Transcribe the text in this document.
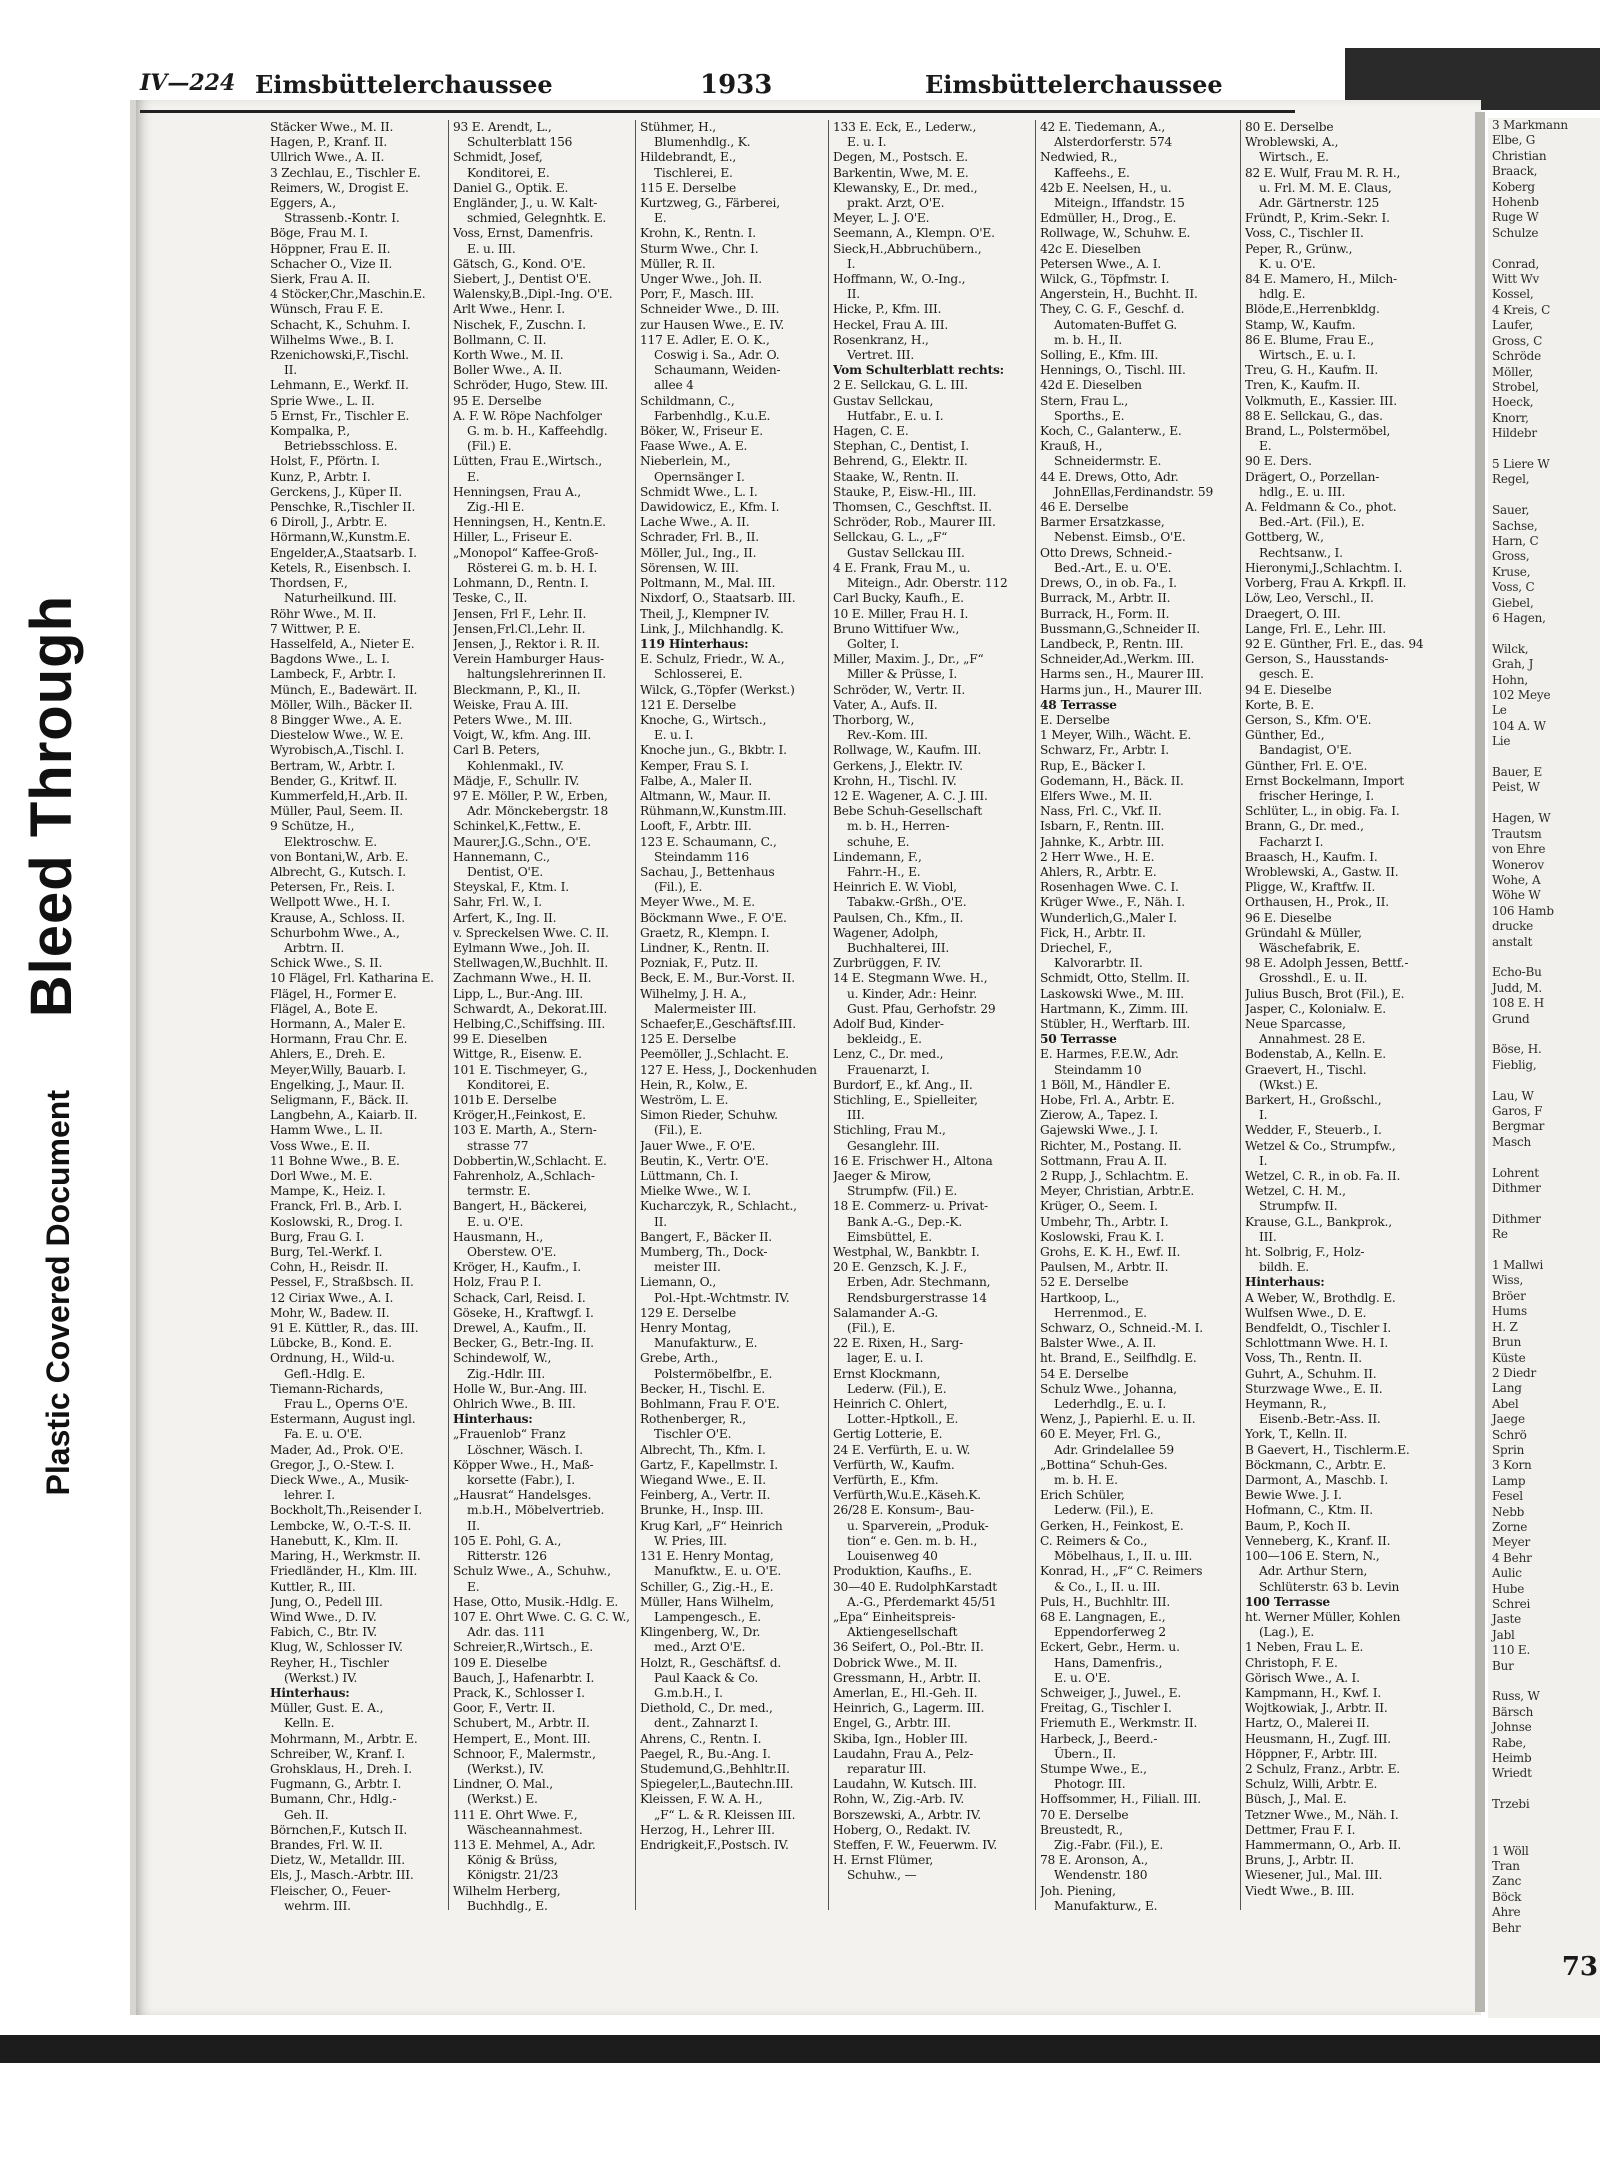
Bleed Through
Plastic Covered Document
3 Markmann
Elbe, G
Christian
Braack,
Koberg
Hohenb
Ruge W
Schulze

Conrad,
Witt Wv
Kossel,
4 Kreis, C
Laufer,
Gross, C
Schröde
Möller,
Strobel,
Hoeck,
Knorr,
Hildebr

5 Liere W
Regel,

Sauer,
Sachse,
Harn, C
Gross,
Kruse,
Voss, C
Giebel,
6 Hagen,

Wilck,
Grah, J
Hohn,
102 Meye
Le
104 A. W
Lie

Bauer, E
Peist, W

Hagen, W
Trautsm
von Ehre
Wonerov
Wohe, A
Wöhe W
106 Hamb
drucke
anstalt

Echo-Bu
Judd, M.
108 E. H
Grund

Böse, H.
Fieblig,

Lau, W
Garos, F
Bergmar
Masch

Lohrent
Dithmer

Dithmer
Re

1 Mallwi
Wiss,
Bröer
Hums
H. Z
Brun
Küste
2 Diedr
Lang
Abel
Jaege
Schrö
Sprin
3 Korn
Lamp
Fesel
Nebb
Zorne
Meyer
4 Behr
Aulic
Hube
Schrei
Jaste
Jabl
110 E.
Bur

Russ, W
Bärsch
Johnse
Rabe,
Heimb
Wriedt

Trzebi

1 Wöll
Tran
Zanc
Böck
Ahre
Behr
73
IV—224 Eimsbüttelerchaussee	1933	Eimsbüttelerchaussee
Stäcker Wwe., M. II.
Hagen, P., Kranf. II.
Ullrich Wwe., A. II.
3 Zechlau, E., Tischler E.
Reimers, W., Drogist E.
Eggers, A.,
Strassenb.-Kontr. I.
Böge, Frau M. I.
Höppner, Frau E. II.
Schacher O., Vize II.
Sierk, Frau A. II.
4 Stöcker,Chr.,Maschin.E.
Wünsch, Frau F. E.
Schacht, K., Schuhm. I.
Wilhelms Wwe., B. I.
Rzenichowski,F.,Tischl.
II.
Lehmann, E., Werkf. II.
Sprie Wwe., L. II.
5 Ernst, Fr., Tischler E.
Kompalka, P.,
Betriebsschloss. E.
Holst, F., Pförtn. I.
Kunz, P., Arbtr. I.
Gerckens, J., Küper II.
Penschke, R.,Tischler II.
6 Diroll, J., Arbtr. E.
Hörmann,W.,Kunstm.E.
Engelder,A.,Staatsarb. I.
Ketels, R., Eisenbsch. I.
Thordsen, F.,
Naturheilkund. III.
Röhr Wwe., M. II.
7 Wittwer, P. E.
Hasselfeld, A., Nieter E.
Bagdons Wwe., L. I.
Lambeck, F., Arbtr. I.
Münch, E., Badewärt. II.
Möller, Wilh., Bäcker II.
8 Bingger Wwe., A. E.
Diestelow Wwe., W. E.
Wyrobisch,A.,Tischl. I.
Bertram, W., Arbtr. I.
Bender, G., Kritwf. II.
Kummerfeld,H.,Arb. II.
Müller, Paul, Seem. II.
9 Schütze, H.,
Elektroschw. E.
von Bontani,W., Arb. E.
Albrecht, G., Kutsch. I.
Petersen, Fr., Reis. I.
Wellpott Wwe., H. I.
Krause, A., Schloss. II.
Schurbohm Wwe., A.,
Arbtrn. II.
Schick Wwe., S. II.
10 Flägel, Frl. Katharina E.
Flägel, H., Former E.
Flägel, A., Bote E.
Hormann, A., Maler E.
Hormann, Frau Chr. E.
Ahlers, E., Dreh. E.
Meyer,Willy, Bauarb. I.
Engelking, J., Maur. II.
Seligmann, F., Bäck. II.
Langbehn, A., Kaiarb. II.
Hamm Wwe., L. II.
Voss Wwe., E. II.
11 Bohne Wwe., B. E.
Dorl Wwe., M. E.
Mampe, K., Heiz. I.
Franck, Frl. B., Arb. I.
Koslowski, R., Drog. I.
Burg, Frau G. I.
Burg, Tel.-Werkf. I.
Cohn, H., Reisdr. II.
Pessel, F., Straßbsch. II.
12 Ciriax Wwe., A. I.
Mohr, W., Badew. II.
91 E. Küttler, R., das. III.
Lübcke, B., Kond. E.
Ordnung, H., Wild-u.
Gefl.-Hdlg. E.
Tiemann-Richards,
Frau L., Operns O'E.
Estermann, August ingl.
Fa. E. u. O'E.
Mader, Ad., Prok. O'E.
Gregor, J., O.-Stew. I.
Dieck Wwe., A., Musik-
lehrer. I.
Bockholt,Th.,Reisender I.
Lembcke, W., O.-T.-S. II.
Hanebutt, K., Klm. II.
Maring, H., Werkmstr. II.
Friedländer, H., Klm. III.
Kuttler, R., III.
Jung, O., Pedell III.
Wind Wwe., D. IV.
Fabich, C., Btr. IV.
Klug, W., Schlosser IV.
Reyher, H., Tischler
(Werkst.) IV.
Hinterhaus:
Müller, Gust. E. A.,
Kelln. E.
Mohrmann, M., Arbtr. E.
Schreiber, W., Kranf. I.
Grohsklaus, H., Dreh. I.
Fugmann, G., Arbtr. I.
Bumann, Chr., Hdlg.-
Geh. II.
Börnchen,F., Kutsch II.
Brandes, Frl. W. II.
Dietz, W., Metalldr. III.
Els, J., Masch.-Arbtr. III.
Fleischer, O., Feuer-
wehrm. III.
93 E. Arendt, L.,
Schulterblatt 156
Schmidt, Josef,
Konditorei, E.
Daniel G., Optik. E.
Engländer, J., u. W. Kalt-
schmied, Gelegnhtk. E.
Voss, Ernst, Damenfris.
E. u. III.
Gätsch, G., Kond. O'E.
Siebert, J., Dentist O'E.
Walensky,B.,Dipl.-Ing. O'E.
Arlt Wwe., Henr. I.
Nischek, F., Zuschn. I.
Bollmann, C. II.
Korth Wwe., M. II.
Boller Wwe., A. II.
Schröder, Hugo, Stew. III.
95 E. Derselbe
A. F. W. Röpe Nachfolger
G. m. b. H., Kaffeehdlg.
(Fil.) E.
Lütten, Frau E.,Wirtsch.,
E.
Henningsen, Frau A.,
Zig.-Hl E.
Henningsen, H., Kentn.E.
Hiller, L., Friseur E.
„Monopol“ Kaffee-Groß-
Rösterei G. m. b. H. I.
Lohmann, D., Rentn. I.
Teske, C., II.
Jensen, Frl F., Lehr. II.
Jensen,Frl.Cl.,Lehr. II.
Jensen, J., Rektor i. R. II.
Verein Hamburger Haus-
haltungslehrerinnen II.
Bleckmann, P., Kl., II.
Weiske, Frau A. III.
Peters Wwe., M. III.
Voigt, W., kfm. Ang. III.
Carl B. Peters,
Kohlenmakl., IV.
Mädje, F., Schullr. IV.
97 E. Möller, P. W., Erben,
Adr. Mönckebergstr. 18
Schinkel,K.,Fettw., E.
Maurer,J.G.,Schn., O'E.
Hannemann, C.,
Dentist, O'E.
Steyskal, F., Ktm. I.
Sahr, Frl. W., I.
Arfert, K., Ing. II.
v. Spreckelsen Wwe. C. II.
Eylmann Wwe., Joh. II.
Stellwagen,W.,Buchhlt. II.
Zachmann Wwe., H. II.
Lipp, L., Bur.-Ang. III.
Schwardt, A., Dekorat.III.
Helbing,C.,Schiffsing. III.
99 E. Dieselben
Wittge, R., Eisenw. E.
101 E. Tischmeyer, G.,
Konditorei, E.
101b E. Derselbe
Kröger,H.,Feinkost, E.
103 E. Marth, A., Stern-
strasse 77
Dobbertin,W.,Schlacht. E.
Fahrenholz, A.,Schlach-
termstr. E.
Bangert, H., Bäckerei,
E. u. O'E.
Hausmann, H.,
Oberstew. O'E.
Kröger, H., Kaufm., I.
Holz, Frau P. I.
Schack, Carl, Reisd. I.
Göseke, H., Kraftwgf. I.
Drewel, A., Kaufm., II.
Becker, G., Betr.-Ing. II.
Schindewolf, W.,
Zig.-Hdlr. III.
Holle W., Bur.-Ang. III.
Ohlrich Wwe., B. III.
Hinterhaus:
„Frauenlob“ Franz
Löschner, Wäsch. I.
Köpper Wwe., H., Maß-
korsette (Fabr.), I.
„Hausrat“ Handelsges.
m.b.H., Möbelvertrieb.
II.
105 E. Pohl, G. A.,
Ritterstr. 126
Schulz Wwe., A., Schuhw.,
E.
Hase, Otto, Musik.-Hdlg. E.
107 E. Ohrt Wwe. C. G. C. W.,
Adr. das. 111
Schreier,R.,Wirtsch., E.
109 E. Dieselbe
Bauch, J., Hafenarbtr. I.
Prack, K., Schlosser I.
Goor, F., Vertr. II.
Schubert, M., Arbtr. II.
Hempert, E., Mont. III.
Schnoor, F., Malermstr.,
(Werkst.), IV.
Lindner, O. Mal.,
(Werkst.) E.
111 E. Ohrt Wwe. F.,
Wäscheannahmest.
113 E. Mehmel, A., Adr.
König & Brüss,
Königstr. 21/23
Wilhelm Herberg,
Buchhdlg., E.
Stühmer, H.,
Blumenhdlg., K.
Hildebrandt, E.,
Tischlerei, E.
115 E. Derselbe
Kurtzweg, G., Färberei,
E.
Krohn, K., Rentn. I.
Sturm Wwe., Chr. I.
Müller, R. II.
Unger Wwe., Joh. II.
Porr, F., Masch. III.
Schneider Wwe., D. III.
zur Hausen Wwe., E. IV.
117 E. Adler, E. O. K.,
Coswig i. Sa., Adr. O.
Schaumann, Weiden-
allee 4
Schildmann, C.,
Farbenhdlg., K.u.E.
Böker, W., Friseur E.
Faase Wwe., A. E.
Nieberlein, M.,
Opernsänger I.
Schmidt Wwe., L. I.
Dawidowicz, E., Kfm. I.
Lache Wwe., A. II.
Schrader, Frl. B., II.
Möller, Jul., Ing., II.
Sörensen, W. III.
Poltmann, M., Mal. III.
Nixdorf, O., Staatsarb. III.
Theil, J., Klempner IV.
Link, J., Milchhandlg. K.
119 Hinterhaus:
E. Schulz, Friedr., W. A.,
Schlosserei, E.
Wilck, G.,Töpfer (Werkst.)
121 E. Derselbe
Knoche, G., Wirtsch.,
E. u. I.
Knoche jun., G., Bkbtr. I.
Kemper, Frau S. I.
Falbe, A., Maler II.
Altmann, W., Maur. II.
Rühmann,W.,Kunstm.III.
Looft, F., Arbtr. III.
123 E. Schaumann, C.,
Steindamm 116
Sachau, J., Bettenhaus
(Fil.), E.
Meyer Wwe., M. E.
Böckmann Wwe., F. O'E.
Graetz, R., Klempn. I.
Lindner, K., Rentn. II.
Pozniak, F., Putz. II.
Beck, E. M., Bur.-Vorst. II.
Wilhelmy, J. H. A.,
Malermeister III.
Schaefer,E.,Geschäftsf.III.
125 E. Derselbe
Peemöller, J.,Schlacht. E.
127 E. Hess, J., Dockenhuden
Hein, R., Kolw., E.
Weström, L. E.
Simon Rieder, Schuhw.
(Fil.), E.
Jauer Wwe., F. O'E.
Beutin, K., Vertr. O'E.
Lüttmann, Ch. I.
Mielke Wwe., W. I.
Kucharczyk, R., Schlacht.,
II.
Bangert, F., Bäcker II.
Mumberg, Th., Dock-
meister III.
Liemann, O.,
Pol.-Hpt.-Wchtmstr. IV.
129 E. Derselbe
Henry Montag,
Manufakturw., E.
Grebe, Arth.,
Polstermöbelfbr., E.
Becker, H., Tischl. E.
Bohlmann, Frau F. O'E.
Rothenberger, R.,
Tischler O'E.
Albrecht, Th., Kfm. I.
Gartz, F., Kapellmstr. I.
Wiegand Wwe., E. II.
Feinberg, A., Vertr. II.
Brunke, H., Insp. III.
Krug Karl, „F“ Heinrich
W. Pries, III.
131 E. Henry Montag,
Manufktw., E. u. O'E.
Schiller, G., Zig.-H., E.
Müller, Hans Wilhelm,
Lampengesch., E.
Klingenberg, W., Dr.
med., Arzt O'E.
Holzt, R., Geschäftsf. d.
Paul Kaack & Co.
G.m.b.H., I.
Diethold, C., Dr. med.,
dent., Zahnarzt I.
Ahrens, C., Rentn. I.
Paegel, R., Bu.-Ang. I.
Studemund,G.,Behhltr.II.
Spiegeler,L.,Bautechn.III.
Kleissen, F. W. A. H.,
„F“ L. & R. Kleissen III.
Herzog, H., Lehrer III.
Endrigkeit,F.,Postsch. IV.
133 E. Eck, E., Lederw.,
E. u. I.
Degen, M., Postsch. E.
Barkentin, Wwe, M. E.
Klewansky, E., Dr. med.,
prakt. Arzt, O'E.
Meyer, L. J. O'E.
Seemann, A., Klempn. O'E.
Sieck,H.,Abbruchübern.,
I.
Hoffmann, W., O.-Ing.,
II.
Hicke, P., Kfm. III.
Heckel, Frau A. III.
Rosenkranz, H.,
Vertret. III.
Vom Schulterblatt rechts:
2 E. Sellckau, G. L. III.
Gustav Sellckau,
Hutfabr., E. u. I.
Hagen, C. E.
Stephan, C., Dentist, I.
Behrend, G., Elektr. II.
Staake, W., Rentn. II.
Stauke, P., Eisw.-Hl., III.
Thomsen, C., Geschftst. II.
Schröder, Rob., Maurer III.
Sellckau, G. L., „F“
Gustav Sellckau III.
4 E. Frank, Frau M., u.
Miteign., Adr. Oberstr. 112
Carl Bucky, Kaufh., E.
10 E. Miller, Frau H. I.
Bruno Wittifuer Ww.,
Golter, I.
Miller, Maxim. J., Dr., „F“
Miller & Prüsse, I.
Schröder, W., Vertr. II.
Vater, A., Aufs. II.
Thorborg, W.,
Rev.-Kom. III.
Rollwage, W., Kaufm. III.
Gerkens, J., Elektr. IV.
Krohn, H., Tischl. IV.
12 E. Wagener, A. C. J. III.
Bebe Schuh-Gesellschaft
m. b. H., Herren-
schuhe, E.
Lindemann, F.,
Fahrr.-H., E.
Heinrich E. W. Viobl,
Tabakw.-Grßh., O'E.
Paulsen, Ch., Kfm., II.
Wagener, Adolph,
Buchhalterei, III.
Zurbrüggen, F. IV.
14 E. Stegmann Wwe. H.,
u. Kinder, Adr.: Heinr.
Gust. Pfau, Gerhofstr. 29
Adolf Bud, Kinder-
bekleidg., E.
Lenz, C., Dr. med.,
Frauenarzt, I.
Burdorf, E., kf. Ang., II.
Stichling, E., Spielleiter,
III.
Stichling, Frau M.,
Gesanglehr. III.
16 E. Frischwer H., Altona
Jaeger & Mirow,
Strumpfw. (Fil.) E.
18 E. Commerz- u. Privat-
Bank A.-G., Dep.-K.
Eimsbüttel, E.
Westphal, W., Bankbtr. I.
20 E. Genzsch, K. J. F.,
Erben, Adr. Stechmann,
Rendsburgerstrasse 14
Salamander A.-G.
(Fil.), E.
22 E. Rixen, H., Sarg-
lager, E. u. I.
Ernst Klockmann,
Lederw. (Fil.), E.
Heinrich C. Ohlert,
Lotter.-Hptkoll., E.
Gertig Lotterie, E.
24 E. Verfürth, E. u. W.
Verfürth, W., Kaufm.
Verfürth, E., Kfm.
Verfürth,W.u.E.,Käseh.K.
26/28 E. Konsum-, Bau-
u. Sparverein, „Produk-
tion“ e. Gen. m. b. H.,
Louisenweg 40
Produktion, Kaufhs., E.
30—40 E. RudolphKarstadt
A.-G., Pferdemarkt 45/51
„Epa“ Einheitspreis-
Aktiengesellschaft
36 Seifert, O., Pol.-Btr. II.
Dobrick Wwe., M. II.
Gressmann, H., Arbtr. II.
Amerlan, E., Hl.-Geh. II.
Heinrich, G., Lagerm. III.
Engel, G., Arbtr. III.
Skiba, Ign., Hobler III.
Laudahn, Frau A., Pelz-
reparatur III.
Laudahn, W. Kutsch. III.
Rohn, W., Zig.-Arb. IV.
Borszewski, A., Arbtr. IV.
Hoberg, O., Redakt. IV.
Steffen, F. W., Feuerwm. IV.
H. Ernst Flümer,
Schuhw., —
42 E. Tiedemann, A.,
Alsterdorferstr. 574
Nedwied, R.,
Kaffeehs., E.
42b E. Neelsen, H., u.
Miteign., Iffandstr. 15
Edmüller, H., Drog., E.
Rollwage, W., Schuhw. E.
42c E. Dieselben
Petersen Wwe., A. I.
Wilck, G., Töpfmstr. I.
Angerstein, H., Buchht. II.
They, C. G. F., Geschf. d.
Automaten-Buffet G.
m. b. H., II.
Solling, E., Kfm. III.
Hennings, O., Tischl. III.
42d E. Dieselben
Stern, Frau L.,
Sporths., E.
Koch, C., Galanterw., E.
Krauß, H.,
Schneidermstr. E.
44 E. Drews, Otto, Adr.
JohnEllas,Ferdinandstr. 59
46 E. Derselbe
Barmer Ersatzkasse,
Nebenst. Eimsb., O'E.
Otto Drews, Schneid.-
Bed.-Art., E. u. O'E.
Drews, O., in ob. Fa., I.
Burrack, M., Arbtr. II.
Burrack, H., Form. II.
Bussmann,G.,Schneider II.
Landbeck, P., Rentn. III.
Schneider,Ad.,Werkm. III.
Harms sen., H., Maurer III.
Harms jun., H., Maurer III.
48 Terrasse
E. Derselbe
1 Meyer, Wilh., Wächt. E.
Schwarz, Fr., Arbtr. I.
Rup, E., Bäcker I.
Godemann, H., Bäck. II.
Elfers Wwe., M. II.
Nass, Frl. C., Vkf. II.
Isbarn, F., Rentn. III.
Jahnke, K., Arbtr. III.
2 Herr Wwe., H. E.
Ahlers, R., Arbtr. E.
Rosenhagen Wwe. C. I.
Krüger Wwe., F., Näh. I.
Wunderlich,G.,Maler I.
Fick, H., Arbtr. II.
Driechel, F.,
Kalvorarbtr. II.
Schmidt, Otto, Stellm. II.
Laskowski Wwe., M. III.
Hartmann, K., Zimm. III.
Stübler, H., Werftarb. III.
50 Terrasse
E. Harmes, F.E.W., Adr.
Steindamm 10
1 Böll, M., Händler E.
Hobe, Frl. A., Arbtr. E.
Zierow, A., Tapez. I.
Gajewski Wwe., J. I.
Richter, M., Postang. II.
Sottmann, Frau A. II.
2 Rupp, J., Schlachtm. E.
Meyer, Christian, Arbtr.E.
Krüger, O., Seem. I.
Umbehr, Th., Arbtr. I.
Koslowski, Frau K. I.
Grohs, E. K. H., Ewf. II.
Paulsen, M., Arbtr. II.
52 E. Derselbe
Hartkoop, L.,
Herrenmod., E.
Schwarz, O., Schneid.-M. I.
Balster Wwe., A. II.
ht. Brand, E., Seilfhdlg. E.
54 E. Derselbe
Schulz Wwe., Johanna,
Lederhdlg., E. u. I.
Wenz, J., Papierhl. E. u. II.
60 E. Meyer, Frl. G.,
Adr. Grindelallee 59
„Bottina“ Schuh-Ges.
m. b. H. E.
Erich Schüler,
Lederw. (Fil.), E.
Gerken, H., Feinkost, E.
C. Reimers & Co.,
Möbelhaus, I., II. u. III.
Konrad, H., „F“ C. Reimers
& Co., I., II. u. III.
Puls, H., Buchhltr. III.
68 E. Langnagen, E.,
Eppendorferweg 2
Eckert, Gebr., Herm. u.
Hans, Damenfris.,
E. u. O'E.
Schweiger, J., Juwel., E.
Freitag, G., Tischler I.
Friemuth E., Werkmstr. II.
Harbeck, J., Beerd.-
Übern., II.
Stumpe Wwe., E.,
Photogr. III.
Hoffsommer, H., Filiall. III.
70 E. Derselbe
Breustedt, R.,
Zig.-Fabr. (Fil.), E.
78 E. Aronson, A.,
Wendenstr. 180
Joh. Piening,
Manufakturw., E.
80 E. Derselbe
Wroblewski, A.,
Wirtsch., E.
82 E. Wulf, Frau M. R. H.,
u. Frl. M. M. E. Claus,
Adr. Gärtnerstr. 125
Fründt, P., Krim.-Sekr. I.
Voss, C., Tischler II.
Peper, R., Grünw.,
K. u. O'E.
84 E. Mamero, H., Milch-
hdlg. E.
Blöde,E.,Herrenbkldg.
Stamp, W., Kaufm.
86 E. Blume, Frau E.,
Wirtsch., E. u. I.
Treu, G. H., Kaufm. II.
Tren, K., Kaufm. II.
Volkmuth, E., Kassier. III.
88 E. Sellckau, G., das.
Brand, L., Polstermöbel,
E.
90 E. Ders.
Drägert, O., Porzellan-
hdlg., E. u. III.
A. Feldmann & Co., phot.
Bed.-Art. (Fil.), E.
Gottberg, W.,
Rechtsanw., I.
Hieronymi,J.,Schlachtm. I.
Vorberg, Frau A. Krkpfl. II.
Löw, Leo, Verschl., II.
Draegert, O. III.
Lange, Frl. E., Lehr. III.
92 E. Günther, Frl. E., das. 94
Gerson, S., Hausstands-
gesch. E.
94 E. Dieselbe
Korte, B. E.
Gerson, S., Kfm. O'E.
Günther, Ed.,
Bandagist, O'E.
Günther, Frl. E. O'E.
Ernst Bockelmann, Import
frischer Heringe, I.
Schlüter, L., in obig. Fa. I.
Brann, G., Dr. med.,
Facharzt I.
Braasch, H., Kaufm. I.
Wroblewski, A., Gastw. II.
Pligge, W., Kraftfw. II.
Orthausen, H., Prok., II.
96 E. Dieselbe
Gründahl & Müller,
Wäschefabrik, E.
98 E. Adolph Jessen, Bettf.-
Grosshdl., E. u. II.
Julius Busch, Brot (Fil.), E.
Jasper, C., Kolonialw. E.
Neue Sparcasse,
Annahmest. 28 E.
Bodenstab, A., Kelln. E.
Graevert, H., Tischl.
(Wkst.) E.
Barkert, H., Großschl.,
I.
Wedder, F., Steuerb., I.
Wetzel & Co., Strumpfw.,
I.
Wetzel, C. R., in ob. Fa. II.
Wetzel, C. H. M.,
Strumpfw. II.
Krause, G.L., Bankprok.,
III.
ht. Solbrig, F., Holz-
bildh. E.
Hinterhaus:
A Weber, W., Brothdlg. E.
Wulfsen Wwe., D. E.
Bendfeldt, O., Tischler I.
Schlottmann Wwe. H. I.
Voss, Th., Rentn. II.
Guhrt, A., Schuhm. II.
Sturzwage Wwe., E. II.
Heymann, R.,
Eisenb.-Betr.-Ass. II.
York, T., Kelln. II.
B Gaevert, H., Tischlerm.E.
Böckmann, C., Arbtr. E.
Darmont, A., Maschb. I.
Bewie Wwe. J. I.
Hofmann, C., Ktm. II.
Baum, P., Koch II.
Venneberg, K., Kranf. II.
100—106 E. Stern, N.,
Adr. Arthur Stern,
Schlüterstr. 63 b. Levin
100 Terrasse
ht. Werner Müller, Kohlen
(Lag.), E.
1 Neben, Frau L. E.
Christoph, F. E.
Görisch Wwe., A. I.
Kampmann, H., Kwf. I.
Wojtkowiak, J., Arbtr. II.
Hartz, O., Malerei II.
Heusmann, H., Zugf. III.
Höppner, F., Arbtr. III.
2 Schulz, Franz., Arbtr. E.
Schulz, Willi, Arbtr. E.
Büsch, J., Mal. E.
Tetzner Wwe., M., Näh. I.
Dettmer, Frau F. I.
Hammermann, O., Arb. II.
Bruns, J., Arbtr. II.
Wiesener, Jul., Mal. III.
Viedt Wwe., B. III.
